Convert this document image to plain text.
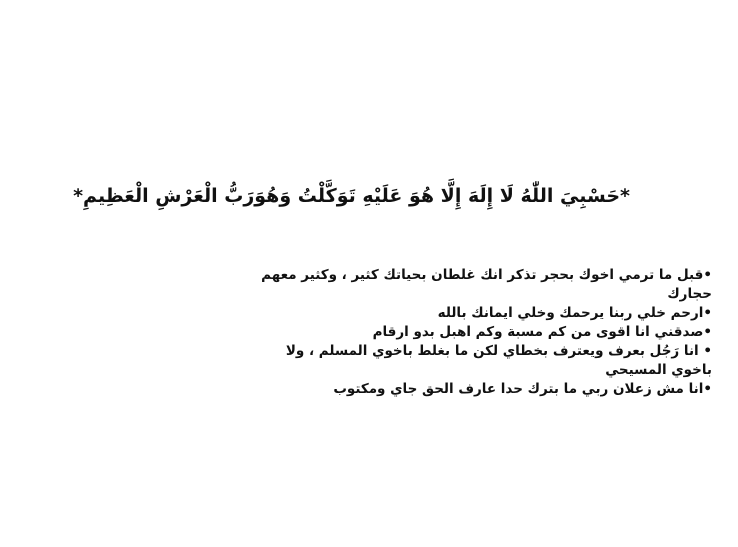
*حَسْبِيَ اللّٰهُ لَا إِلَهَ إِلَّا هُوَ عَلَيْهِ تَوَكَّلْتُ وَهُوَرَبُّ الْعَرْشِ الْعَظِيمِ*

•قبل ما ترمي اخوك بحجر تذكر انك غلطان بحياتك كثير ، وكثير معهم حجارك

•ارحم خلي ربنا يرحمك وخلي ايمانك بالله

•صدقني انا اقوى من كم مسبة وكم اهبل بدو ارقام

• انا رَجُل بعرف ويعترف بخطاي لكن ما بغلط باخوي المسلم ، ولا باخوي المسيحي

•انا مش زعلان ربي ما بترك حدا عارف الحق جاي ومكتوب
